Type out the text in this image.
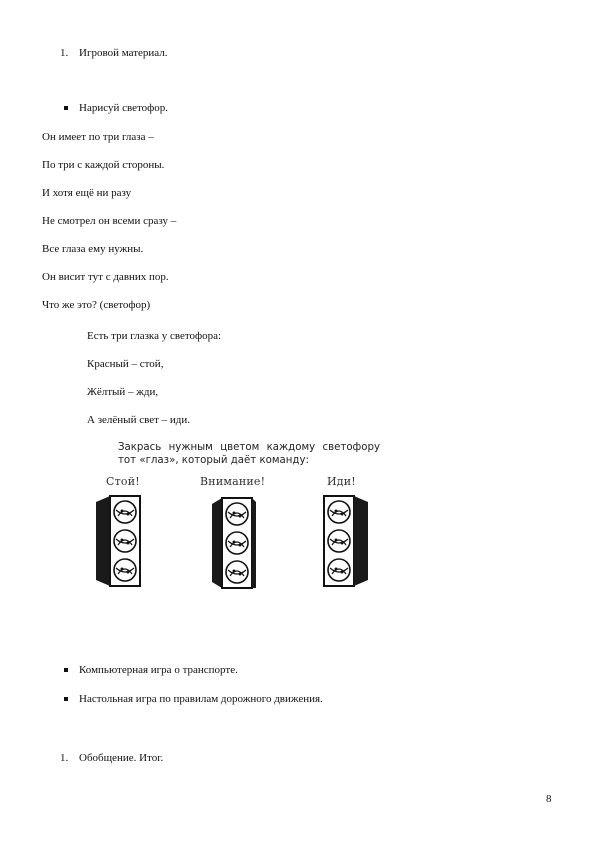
1. Игровой материал.
Нарисуй светофор.
Он имеет по три глаза –
По три с каждой стороны.
И хотя ещё ни разу
Не смотрел он всеми сразу –
Все глаза ему нужны.
Он висит тут с давних пор.
Что же это? (светофор)
Есть три глазка у светофора:
Красный – стой,
Жёлтый – жди,
А зелёный свет – иди.
Закрась нужным цветом каждому светофору тот «глаз», который даёт команду:
Стой!	Внимание!	Иди!
Компьютерная игра о транспорте.
Настольная игра по правилам дорожного движения.
1. Обобщение. Итог.
8
